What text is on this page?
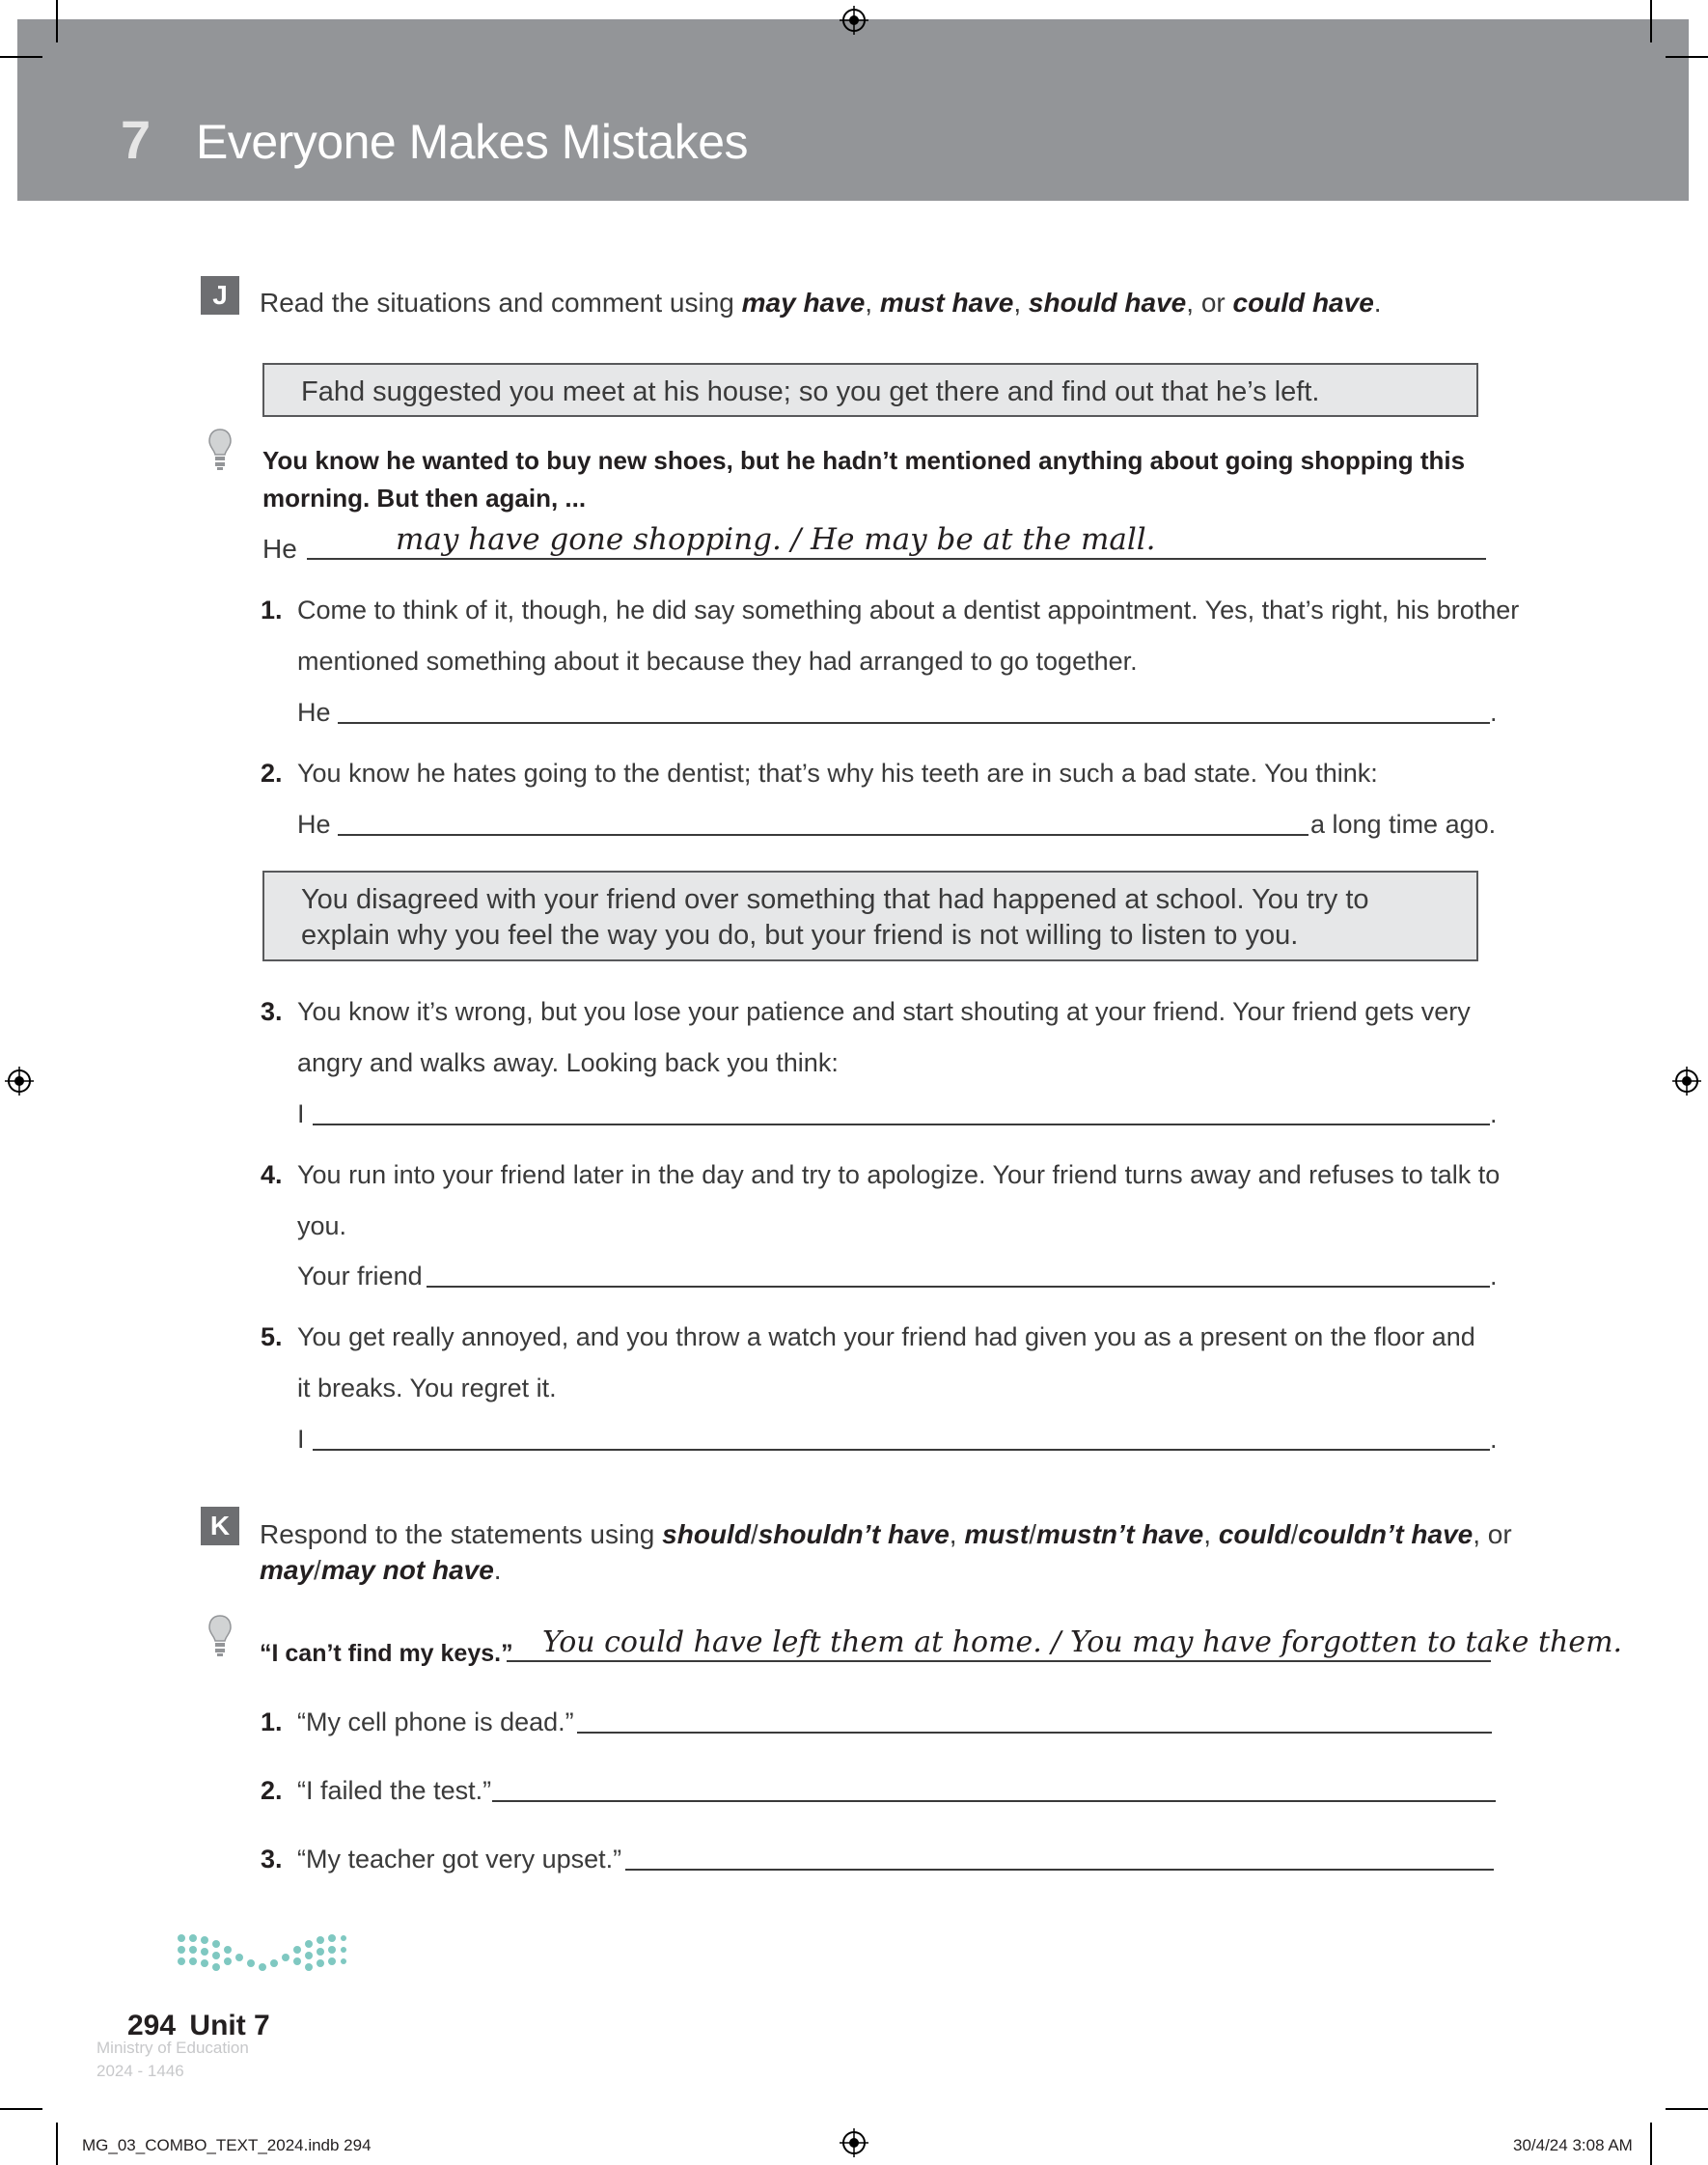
7 Everyone Makes Mistakes
J	Read the situations and comment using may have, must have, should have, or could have.
Fahd suggested you meet at his house; so you get there and find out that he’s left.
You know he wanted to buy new shoes, but he hadn’t mentioned anything about going shopping this
morning. But then again, ...
He	may have gone shopping. / He may be at the mall.
1. Come to think of it, though, he did say something about a dentist appointment. Yes, that’s right, his brother
mentioned something about it because they had arranged to go together.
He	.
2. You know he hates going to the dentist; that’s why his teeth are in such a bad state. You think:
He	a long time ago.
You disagreed with your friend over something that had happened at school. You try to
explain why you feel the way you do, but your friend is not willing to listen to you.
3. You know it’s wrong, but you lose your patience and start shouting at your friend. Your friend gets very
angry and walks away. Looking back you think:
I	.
4. You run into your friend later in the day and try to apologize. Your friend turns away and refuses to talk to
you.
Your friend	.
5. You get really annoyed, and you throw a watch your friend had given you as a present on the floor and
it breaks. You regret it.
I	.
K	Respond to the statements using should/shouldn’t have, must/mustn’t have, could/couldn’t have, or
may/may not have.
“I can’t find my keys.” You could have left them at home. / You may have forgotten to take them.
1. “My cell phone is dead.”
2. “I failed the test.”
3. “My teacher got very upset.”
Ministry of Education
2024 - 1446
294 Unit 7
MG_03_COMBO_TEXT_2024.indb 294	30/4/24 3:08 AM
